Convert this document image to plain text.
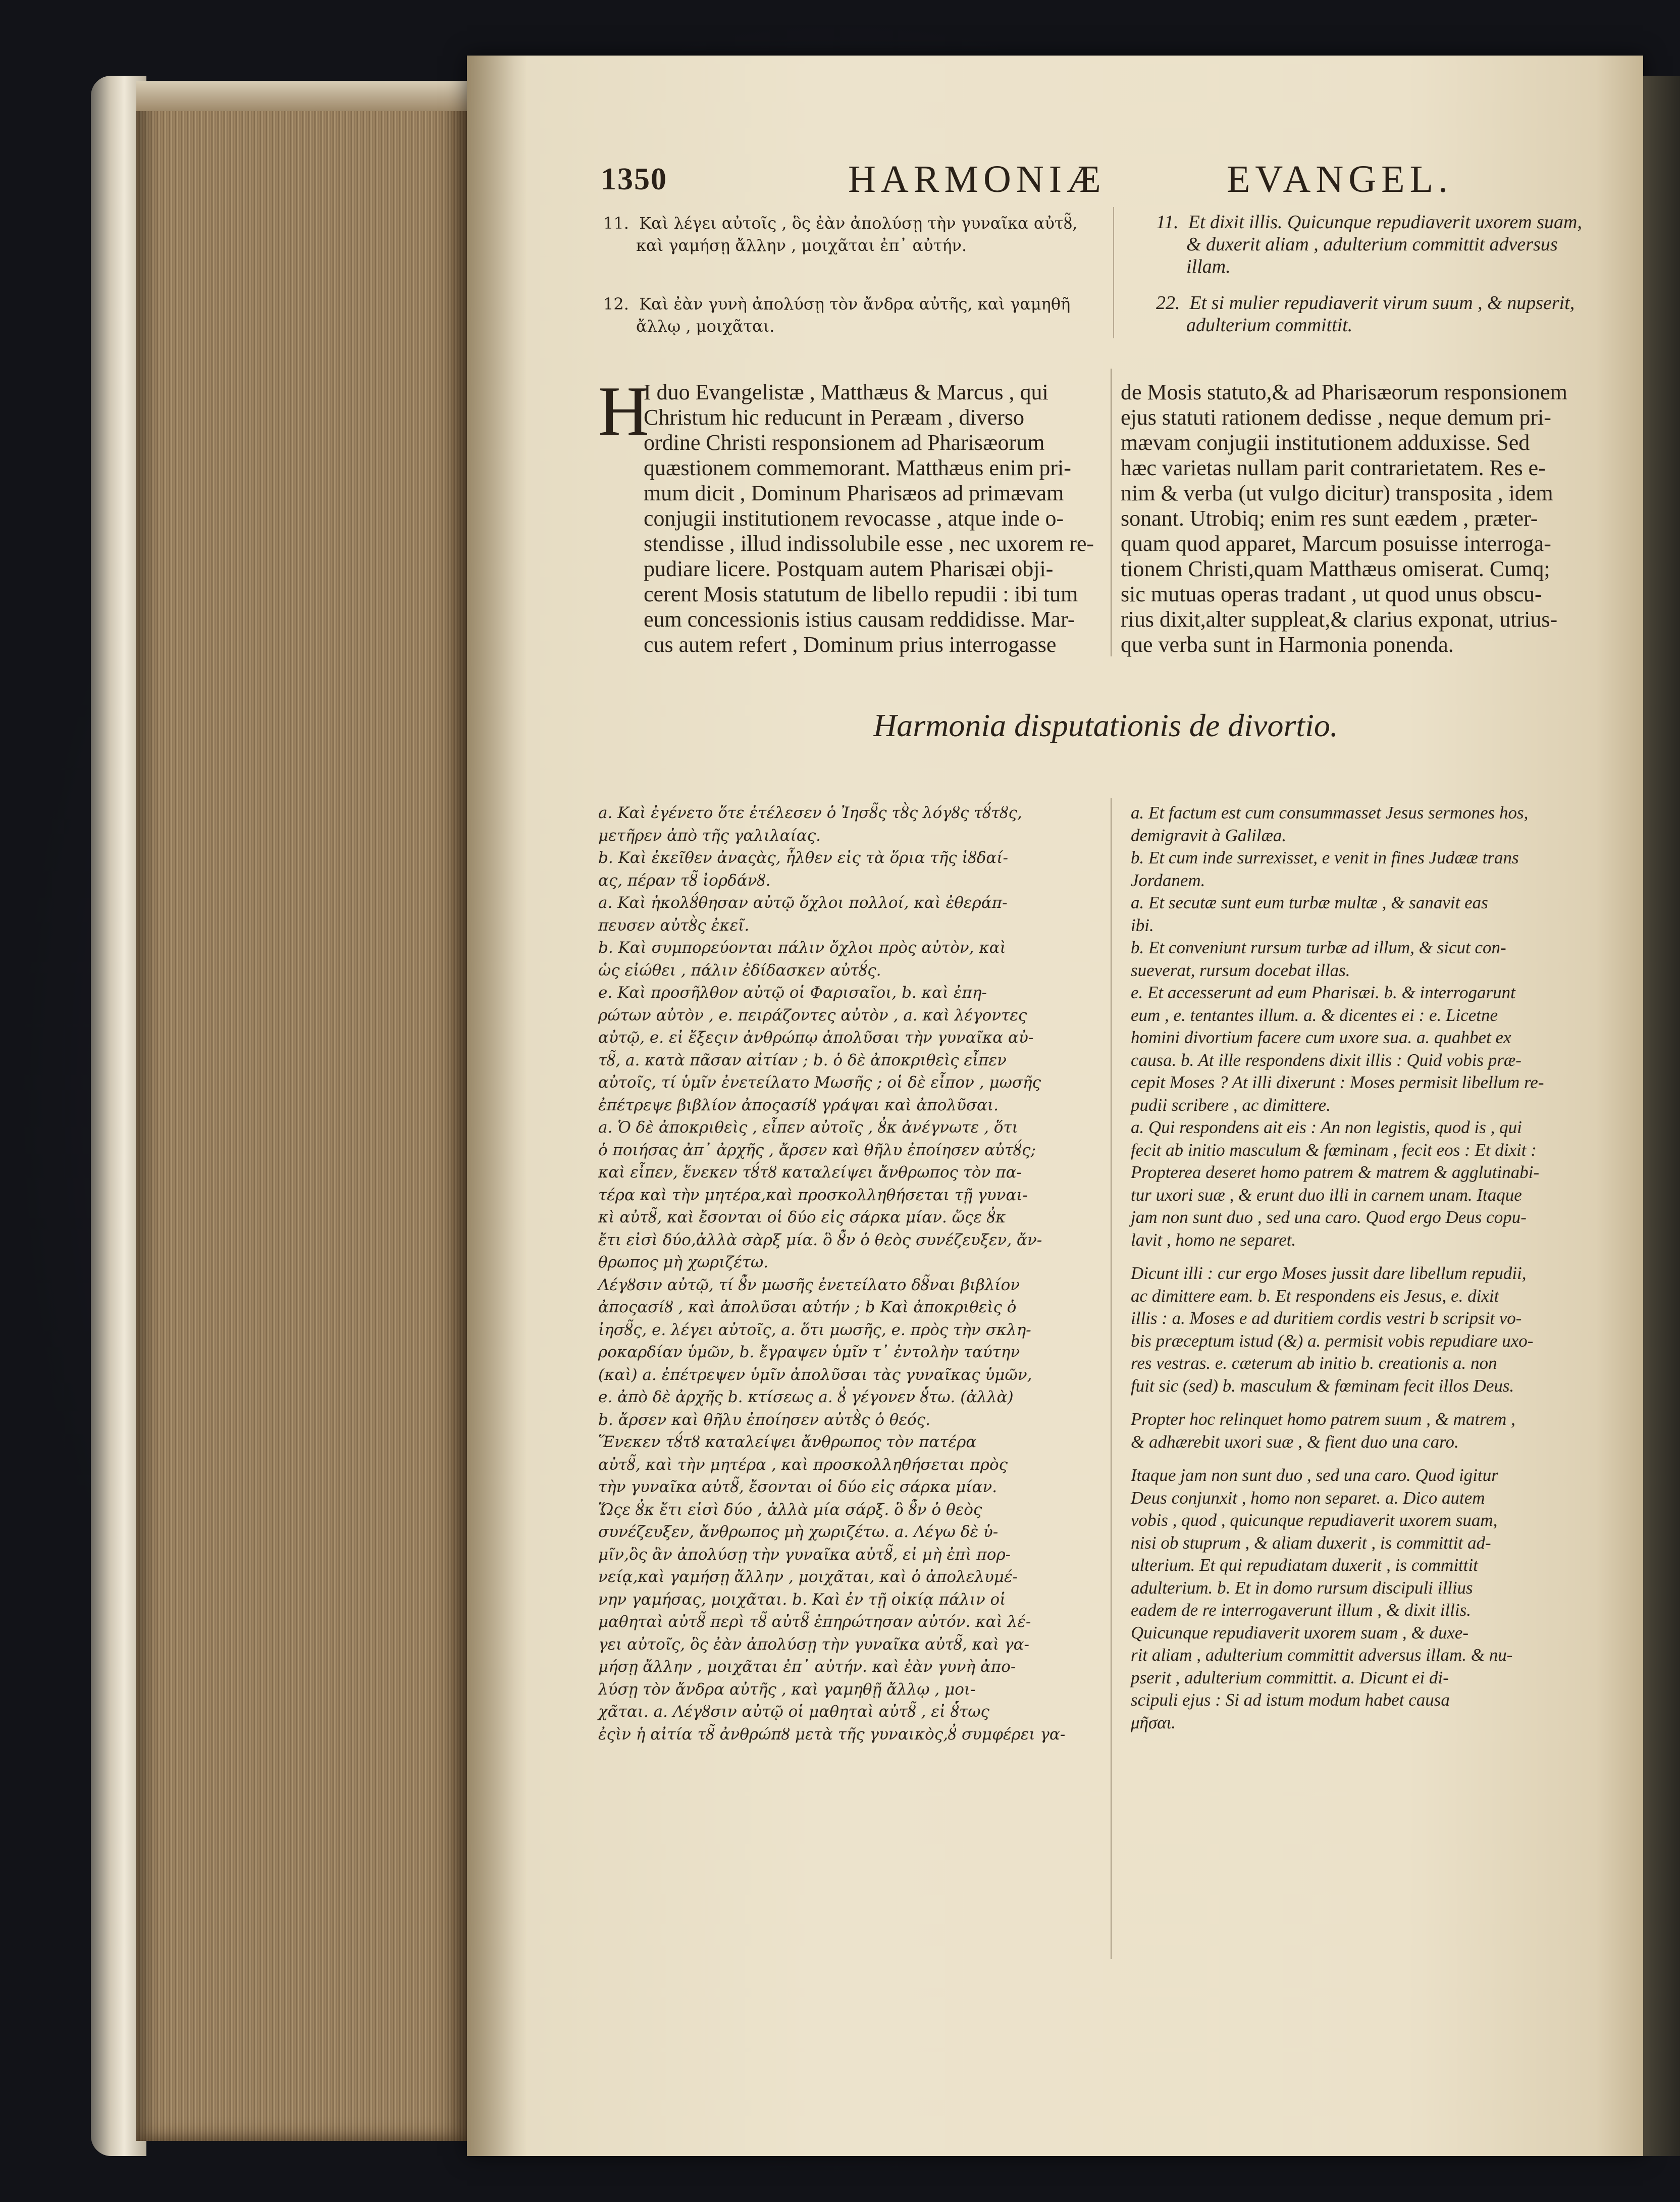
1350	HARMONIÆ	EVANGEL.
11. Καὶ λέγει αὐτοῖς , ὃς ἐὰν ἀπολύσῃ τὴν γυναῖκα αὐτȣ̃,
καὶ γαμήσῃ ἄλλην , μοιχᾶται ἐπ᾽ αὐτήν.
12. Καὶ ἐὰν γυνὴ ἀπολύσῃ τὸν ἄνδρα αὐτῆς, καὶ γαμηθῆ
ἄλλῳ , μοιχᾶται.
11. Et dixit illis. Quicunque repudiaverit uxorem suam,
& duxerit aliam , adulterium committit adversus
illam.
22. Et si mulier repudiaverit virum suum , & nupserit,
adulterium committit.
H
I duo Evangelistæ , Matthæus & Marcus , qui
Christum hic reducunt in Peræam , diverso
ordine Christi responsionem ad Pharisæorum
quæstionem commemorant. Matthæus enim pri-
mum dicit , Dominum Pharisæos ad primævam
conjugii institutionem revocasse , atque inde o-
stendisse , illud indissolubile esse , nec uxorem re-
pudiare licere. Postquam autem Pharisæi obji-
cerent Mosis statutum de libello repudii : ibi tum
eum concessionis istius causam reddidisse. Mar-
cus autem refert , Dominum prius interrogasse
de Mosis statuto,& ad Pharisæorum responsionem
ejus statuti rationem dedisse , neque demum pri-
mævam conjugii institutionem adduxisse. Sed
hæc varietas nullam parit contrarietatem. Res e-
nim & verba (ut vulgo dicitur) transposita , idem
sonant. Utrobiq; enim res sunt eædem , præter-
quam quod apparet, Marcum posuisse interroga-
tionem Christi,quam Matthæus omiserat. Cumq;
sic mutuas operas tradant , ut quod unus obscu-
rius dixit,alter suppleat,& clarius exponat, utrius-
que verba sunt in Harmonia ponenda.
Harmonia disputationis de divortio.
a. Καὶ ἐγένετο ὅτε ἐτέλεσεν ὁ Ἰησȣ̃ς τȣ̀ς λόγȣς τȣ́τȣς,
μετῆρεν ἀπὸ τῆς γαλιλαίας.
b. Καὶ ἐκεῖθεν ἀναςὰς, ἦλθεν εἰς τὰ ὅρια τῆς ἰȣδαί-
ας, πέραν τȣ̃ ἰορδάνȣ.
a. Καὶ ἠκολȣ́θησαν αὐτῷ ὄχλοι πολλοί, καὶ ἐθεράπ-
πευσεν αὐτȣ̀ς ἐκεῖ.
b. Καὶ συμπορεύονται πάλιν ὄχλοι πρὸς αὐτὸν, καὶ
ὡς εἰώθει , πάλιν ἐδίδασκεν αὐτȣ́ς.
e. Καὶ προσῆλθον αὐτῷ οἱ Φαρισαῖοι, b. καὶ ἐπη-
ρώτων αὐτὸν , e. πειράζοντες αὐτὸν , a. καὶ λέγοντες
αὐτῷ, e. εἰ ἔξεςιν ἀνθρώπῳ ἀπολῦσαι τὴν γυναῖκα αὐ-
τȣ̃, a. κατὰ πᾶσαν αἰτίαν ; b. ὁ δὲ ἀποκριθεὶς εἶπεν
αὐτοῖς, τί ὑμῖν ἐνετείλατο Μωσῆς ; οἱ δὲ εἶπον , μωσῆς
ἐπέτρεψε βιβλίον ἀποςασίȣ γράψαι καὶ ἀπολῦσαι.
a. Ὁ δὲ ἀποκριθεὶς , εἶπεν αὐτοῖς , ȣ̓κ ἀνέγνωτε , ὅτι
ὁ ποιήσας ἀπ᾽ ἀρχῆς , ἄρσεν καὶ θῆλυ ἐποίησεν αὐτȣ́ς;
καὶ εἶπεν, ἕνεκεν τȣ́τȣ καταλείψει ἄνθρωπος τὸν πα-
τέρα καὶ τὴν μητέρα,καὶ προσκολληθήσεται τῇ γυναι-
κὶ αὐτȣ̃, καὶ ἔσονται οἱ δύο εἰς σάρκα μίαν. ὥςε ȣ̓κ
ἔτι εἰσὶ δύο,ἀλλὰ σὰρξ μία. ὃ ȣ̓̃ν ὁ θεὸς συνέζευξεν, ἄν-
θρωπος μὴ χωριζέτω.
Λέγȣσιν αὐτῷ, τί ȣ̓̃ν μωσῆς ἐνετείλατο δȣ̃ναι βιβλίον
ἀποςασίȣ , καὶ ἀπολῦσαι αὐτήν ; b Καὶ ἀποκριθεὶς ὁ
ἰησȣ̃ς, e. λέγει αὐτοῖς, a. ὅτι μωσῆς, e. πρὸς τὴν σκλη-
ροκαρδίαν ὑμῶν, b. ἔγραψεν ὑμῖν τ᾽ ἐντολὴν ταύτην
(καὶ) a. ἐπέτρεψεν ὑμῖν ἀπολῦσαι τὰς γυναῖκας ὑμῶν,
e. ἀπὸ δὲ ἀρχῆς b. κτίσεως a. ȣ̓ γέγονεν ȣ̔́τω. (ἀλλὰ)
b. ἄρσεν καὶ θῆλυ ἐποίησεν αὐτȣ̀ς ὁ θεός.
Ἕνεκεν τȣ́τȣ καταλείψει ἄνθρωπος τὸν πατέρα
αὐτȣ̃, καὶ τὴν μητέρα , καὶ προσκολληθήσεται πρὸς
τὴν γυναῖκα αὐτȣ̃, ἔσονται οἱ δύο εἰς σάρκα μίαν.
Ὥςε ȣ̓κ ἔτι εἰσὶ δύο , ἀλλὰ μία σάρξ. ὃ ȣ̓̃ν ὁ θεὸς
συνέζευξεν, ἄνθρωπος μὴ χωριζέτω. a. Λέγω δὲ ὑ-
μῖν,ὃς ἂν ἀπολύσῃ τὴν γυναῖκα αὐτȣ̃, εἰ μὴ ἐπὶ πορ-
νείᾳ,καὶ γαμήσῃ ἄλλην , μοιχᾶται, καὶ ὁ ἀπολελυμέ-
νην γαμήσας, μοιχᾶται. b. Καὶ ἐν τῇ οἰκίᾳ πάλιν οἱ
μαθηταὶ αὐτȣ̃ περὶ τȣ̃ αὐτȣ̃ ἐπηρώτησαν αὐτόν. καὶ λέ-
γει αὐτοῖς, ὃς ἐὰν ἀπολύσῃ τὴν γυναῖκα αὐτȣ̃, καὶ γα-
μήσῃ ἄλλην , μοιχᾶται ἐπ᾽ αὐτήν. καὶ ἐὰν γυνὴ ἀπο-
λύσῃ τὸν ἄνδρα αὐτῆς , καὶ γαμηθῇ ἄλλῳ , μοι-
χᾶται. a. Λέγȣσιν αὐτῷ οἱ μαθηταὶ αὐτȣ̃ , εἰ ȣ̔́τως
ἐςὶν ἡ αἰτία τȣ̃ ἀνθρώπȣ μετὰ τῆς γυναικὸς,ȣ̓ συμφέρει γα-
a. Et factum est cum consummasset Jesus sermones hos,
demigravit à Galilæa.
b. Et cum inde surrexisset, e venit in fines Judææ trans
Jordanem.
a. Et secutæ sunt eum turbæ multæ , & sanavit eas
ibi.
b. Et conveniunt rursum turbæ ad illum, & sicut con-
sueverat, rursum docebat illas.
e. Et accesserunt ad eum Pharisæi. b. & interrogarunt
eum , e. tentantes illum. a. & dicentes ei : e. Licetne
homini divortium facere cum uxore sua. a. quahbet ex
causa. b. At ille respondens dixit illis : Quid vobis præ-
cepit Moses ? At illi dixerunt : Moses permisit libellum re-
pudii scribere , ac dimittere.
a. Qui respondens ait eis : An non legistis, quod is , qui
fecit ab initio masculum & fœminam , fecit eos : Et dixit :
Propterea deseret homo patrem & matrem & agglutinabi-
tur uxori suæ , & erunt duo illi in carnem unam. Itaque
jam non sunt duo , sed una caro. Quod ergo Deus copu-
lavit , homo ne separet.
Dicunt illi : cur ergo Moses jussit dare libellum repudii,
ac dimittere eam. b. Et respondens eis Jesus, e. dixit
illis : a. Moses e ad duritiem cordis vestri b scripsit vo-
bis præceptum istud (&) a. permisit vobis repudiare uxo-
res vestras. e. cæterum ab initio b. creationis a. non
fuit sic (sed) b. masculum & fœminam fecit illos Deus.
Propter hoc relinquet homo patrem suum , & matrem ,
& adhærebit uxori suæ , & fient duo una caro.
Itaque jam non sunt duo , sed una caro. Quod igitur
Deus conjunxit , homo non separet. a. Dico autem
vobis , quod , quicunque repudiaverit uxorem suam,
nisi ob stuprum , & aliam duxerit , is committit ad-
ulterium. Et qui repudiatam duxerit , is committit
adulterium. b. Et in domo rursum discipuli illius
eadem de re interrogaverunt illum , & dixit illis.
Quicunque repudiaverit uxorem suam , & duxe-
rit aliam , adulterium committit adversus illam. & nu-
pserit , adulterium committit. a. Dicunt ei di-
scipuli ejus : Si ad istum modum habet causa
μῆσαι.
